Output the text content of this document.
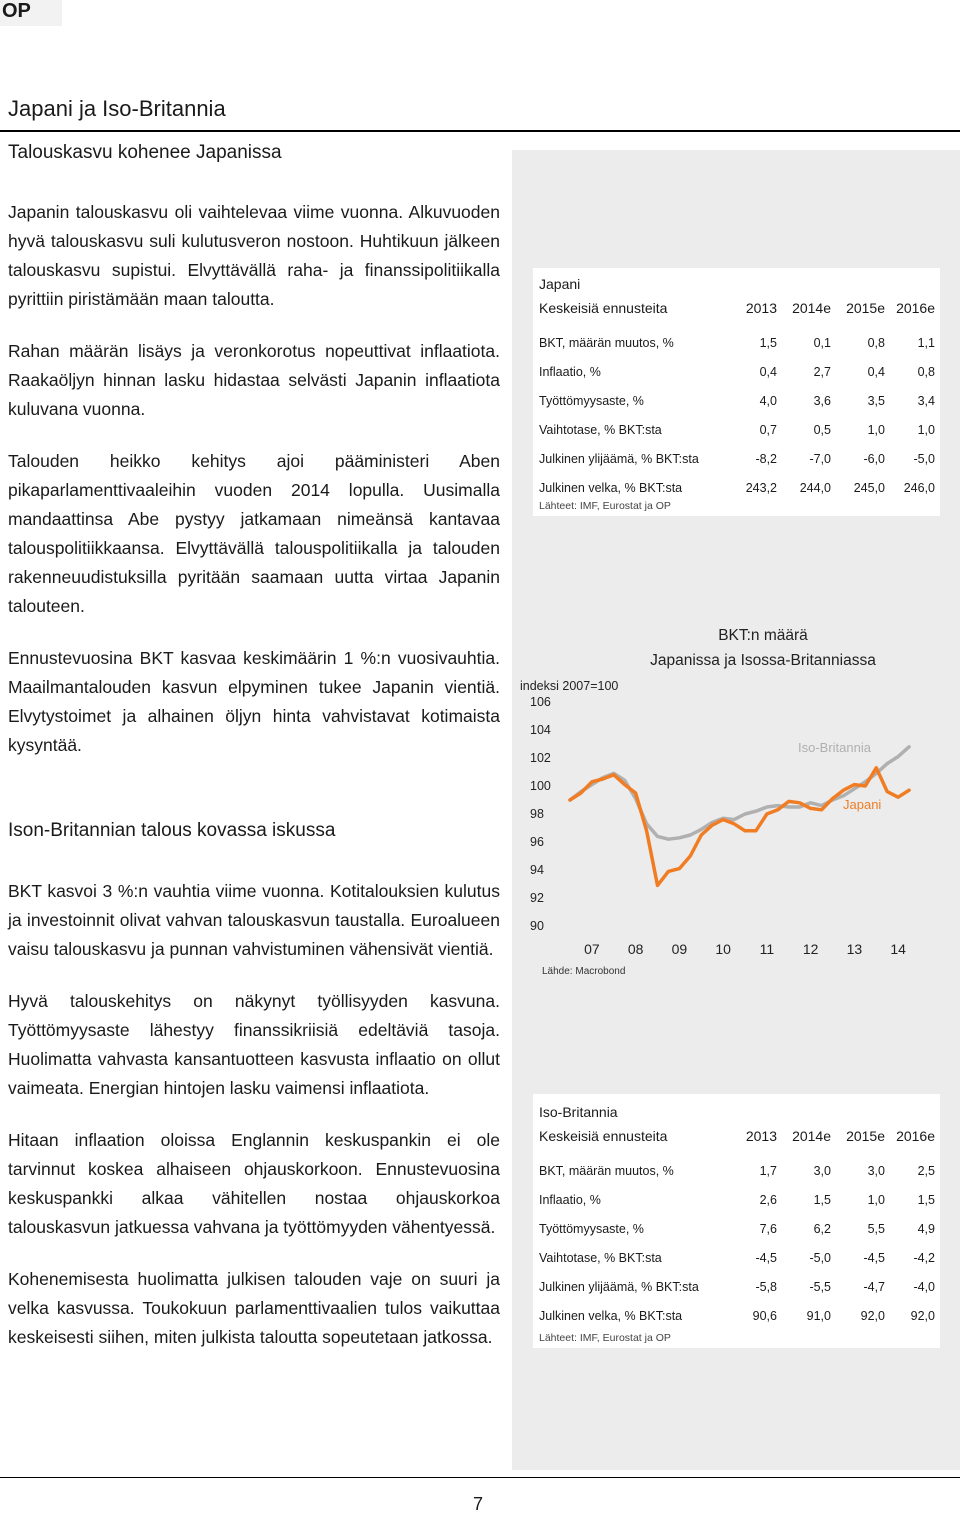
OP
Japani ja Iso-Britannia
Talouskasvu kohenee Japanissa

Japanin talouskasvu oli vaihtelevaa viime vuonna. Alkuvuoden hyvä talouskasvu suli kulutusveron nostoon. Huhtikuun jälkeen talouskasvu supistui. Elvyttävällä raha- ja finanssipolitiikalla pyrittiin piristämään maan taloutta.

Rahan määrän lisäys ja veronkorotus nopeuttivat inflaatiota. Raakaöljyn hinnan lasku hidastaa selvästi Japanin inflaatiota kuluvana vuonna.

Talouden heikko kehitys ajoi pääministeri Aben pikaparlamenttivaaleihin vuoden 2014 lopulla. Uusimalla mandaattinsa Abe pystyy jatkamaan nimeänsä kantavaa talouspolitiikkaansa. Elvyttävällä talouspolitiikalla ja talouden rakenneuudistuksilla pyritään saamaan uutta virtaa Japanin talouteen.

Ennustevuosina BKT kasvaa keskimäärin 1 %:n vuosivauhtia. Maailmantalouden kasvun elpyminen tukee Japanin vientiä. Elvytystoimet ja alhainen öljyn hinta vahvistavat kotimaista kysyntää.

Ison-Britannian talous kovassa iskussa

BKT kasvoi 3 %:n vauhtia viime vuonna. Kotitalouksien kulutus ja investoinnit olivat vahvan talouskasvun taustalla. Euroalueen vaisu talouskasvu ja punnan vahvistuminen vähensivät vientiä.

Hyvä talouskehitys on näkynyt työllisyyden kasvuna. Työttömyysaste lähestyy finanssikriisiä edeltäviä tasoja. Huolimatta vahvasta kansantuotteen kasvusta inflaatio on ollut vaimeata. Energian hintojen lasku vaimensi inflaatiota.

Hitaan inflaation oloissa Englannin keskuspankin ei ole tarvinnut koskea alhaiseen ohjauskorkoon. Ennustevuosina keskuspankki alkaa vähitellen nostaa ohjauskorkoa talouskasvun jatkuessa vahvana ja työttömyyden vähentyessä.

Kohenemisesta huolimatta julkisen talouden vaje on suuri ja velka kasvussa. Toukokuun parlamenttivaalien tulos vaikuttaa keskeisesti siihen, miten julkista taloutta sopeutetaan jatkossa.

Japani
Keskeisiä ennusteita	2013	2014e	2015e	2016e

BKT, määrän muutos, %	1,5	0,1	0,8	1,1
Inflaatio, %	0,4	2,7	0,4	0,8
Työttömyysaste, %	4,0	3,6	3,5	3,4
Vaihtotase, % BKT:sta	0,7	0,5	1,0	1,0
Julkinen ylijäämä, % BKT:sta	-8,2	-7,0	-6,0	-5,0
Julkinen velka, % BKT:sta	243,2	244,0	245,0	246,0
Lähteet: IMF, Eurostat ja OP
BKT:n määrä
Japanissa ja Isossa-Britanniassa
indeksi 2007=100
106
104
102
100
98
96
94
92
90
07 08 09 10 11 12 13 14
Lähde: Macrobond
Iso-Britannia
Japani
Iso-Britannia
Keskeisiä ennusteita	2013	2014e	2015e	2016e

BKT, määrän muutos, %	1,7	3,0	3,0	2,5
Inflaatio, %	2,6	1,5	1,0	1,5
Työttömyysaste, %	7,6	6,2	5,5	4,9
Vaihtotase, % BKT:sta	-4,5	-5,0	-4,5	-4,2
Julkinen ylijäämä, % BKT:sta	-5,8	-5,5	-4,7	-4,0
Julkinen velka, % BKT:sta	90,6	91,0	92,0	92,0
Lähteet: IMF, Eurostat ja OP
7
